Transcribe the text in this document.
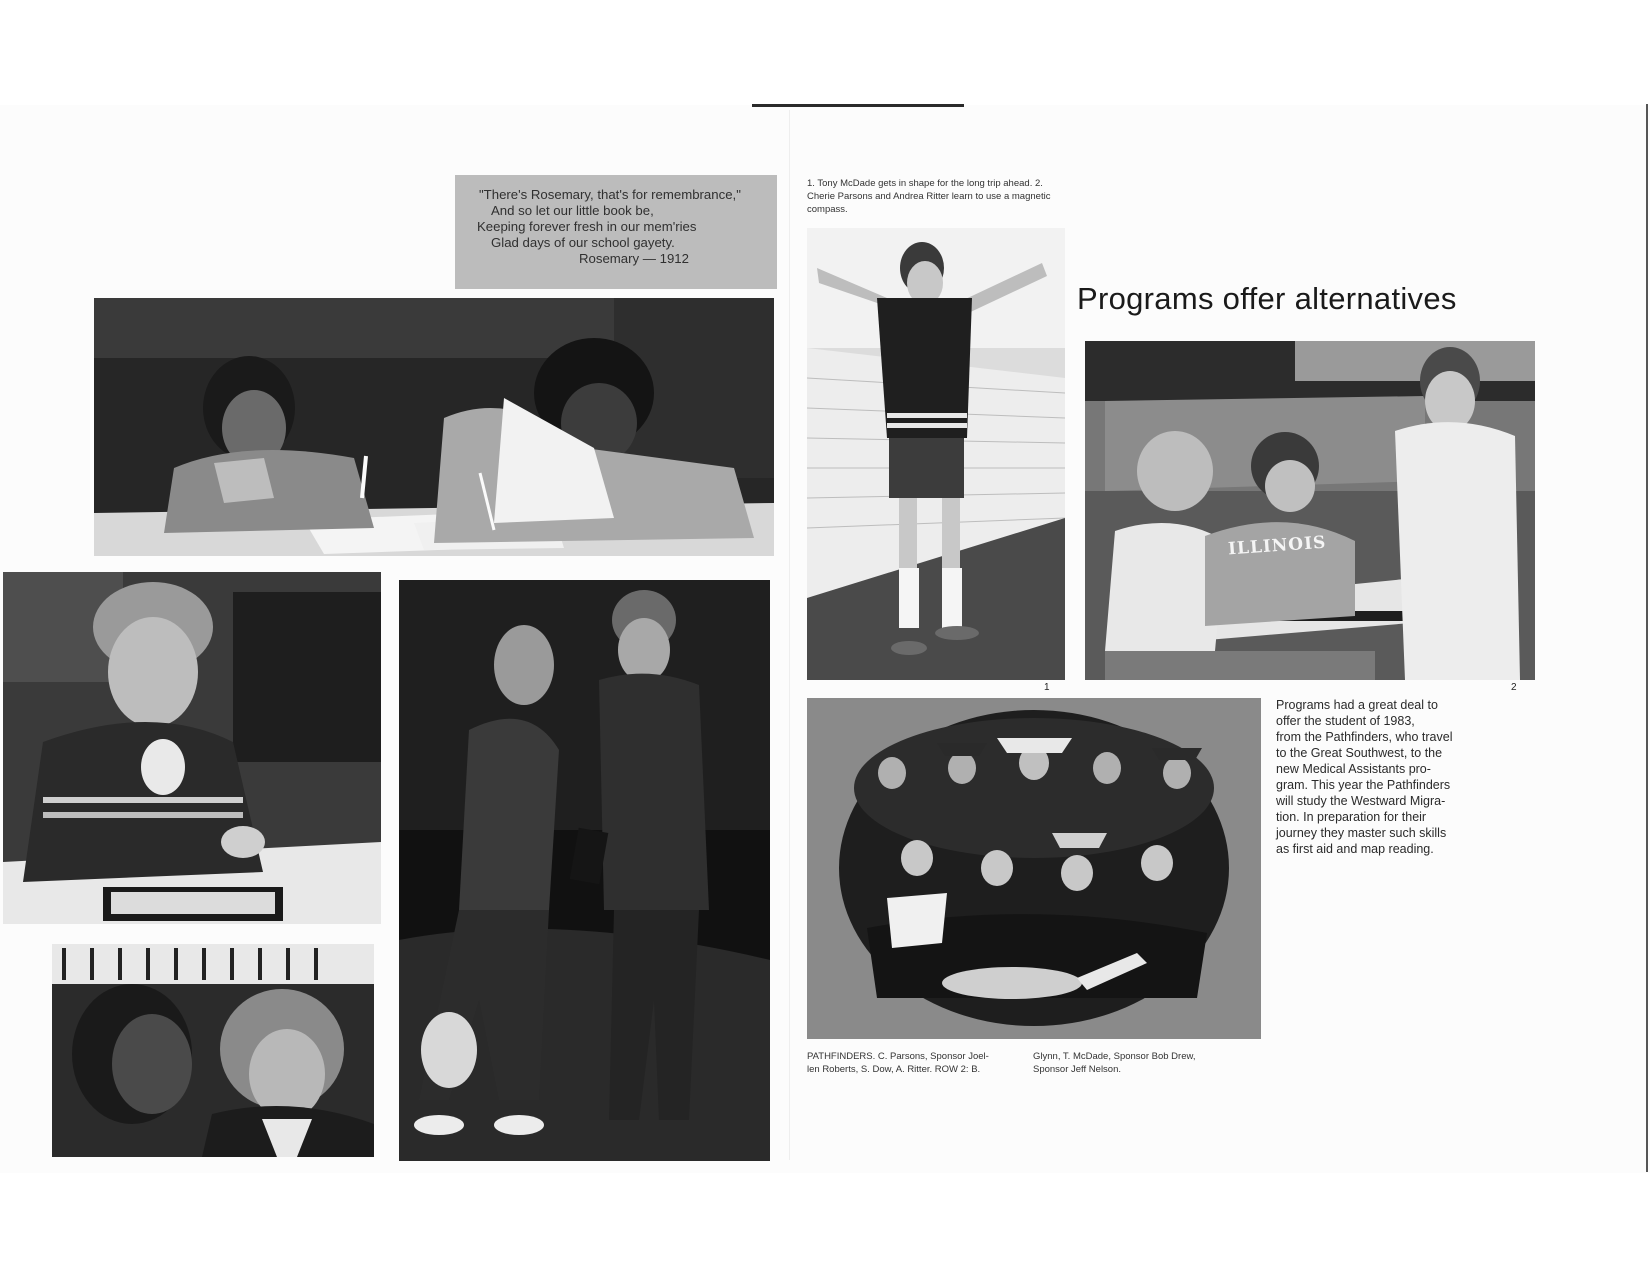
"There's Rosemary, that's for remembrance,"
And so let our little book be,
Keeping forever fresh in our mem'ries
Glad days of our school gayety.
Rosemary — 1912
1. Tony McDade gets in shape for the long trip ahead. 2. Cherie Parsons and Andrea Ritter learn to use a magnetic compass.
1
Programs offer alternatives
ILLINOIS
2
Programs had a great deal to
offer the student of 1983,
from the Pathfinders, who travel
to the Great Southwest, to the
new Medical Assistants pro-
gram. This year the Pathfinders
will study the Westward Migra-
tion. In preparation for their
journey they master such skills
as first aid and map reading.
PATHFINDERS. C. Parsons, Sponsor Joel-
len Roberts, S. Dow, A. Ritter. ROW 2: B.
Glynn, T. McDade, Sponsor Bob Drew,
Sponsor Jeff Nelson.
